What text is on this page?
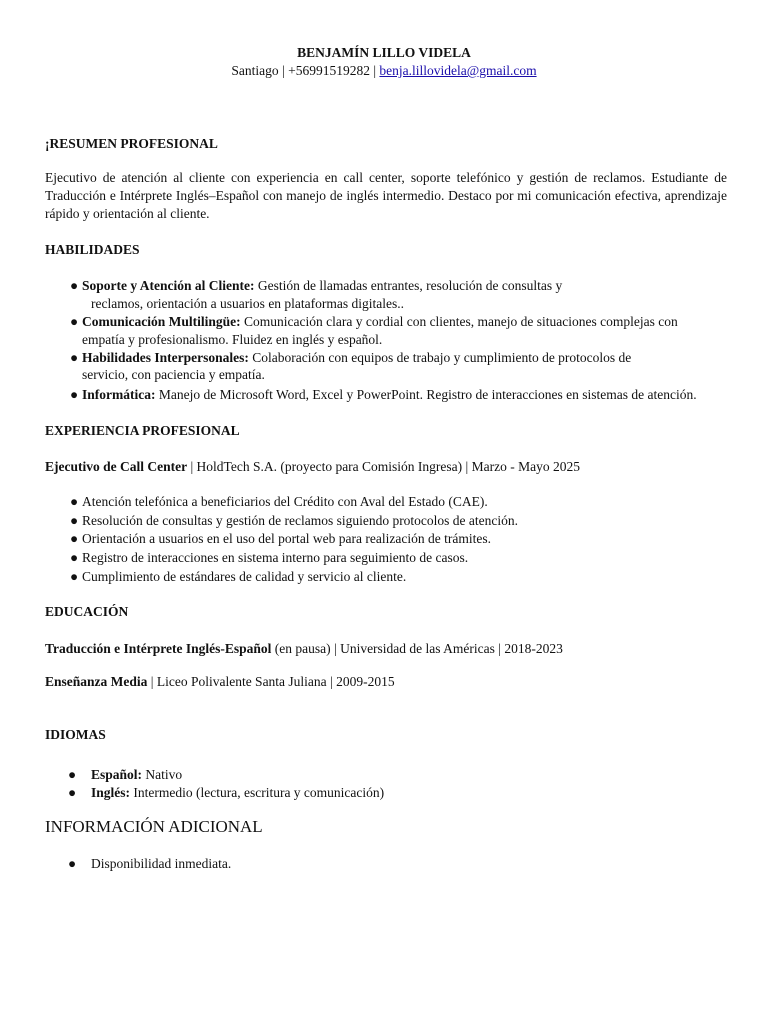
BENJAMÍN LILLO VIDELA
Santiago | +56991519282 | benja.lillovidela@gmail.com
¡RESUMEN PROFESIONAL
Ejecutivo de atención al cliente con experiencia en call center, soporte telefónico y gestión de reclamos. Estudiante de Traducción e Intérprete Inglés–Español con manejo de inglés intermedio. Destaco por mi comunicación efectiva, aprendizaje rápido y orientación al cliente.
HABILIDADES
● Soporte y Atención al Cliente: Gestión de llamadas entrantes, resolución de consultas y
reclamos, orientación a usuarios en plataformas digitales..
● Comunicación Multilingüe: Comunicación clara y cordial con clientes, manejo de situaciones complejas con
empatía y profesionalismo. Fluidez en inglés y español.
● Habilidades Interpersonales: Colaboración con equipos de trabajo y cumplimiento de protocolos de
servicio, con paciencia y empatía.
● Informática: Manejo de Microsoft Word, Excel y PowerPoint. Registro de interacciones en sistemas de atención.
EXPERIENCIA PROFESIONAL
Ejecutivo de Call Center | HoldTech S.A. (proyecto para Comisión Ingresa) | Marzo - Mayo 2025
● Atención telefónica a beneficiarios del Crédito con Aval del Estado (CAE).
● Resolución de consultas y gestión de reclamos siguiendo protocolos de atención.
● Orientación a usuarios en el uso del portal web para realización de trámites.
● Registro de interacciones en sistema interno para seguimiento de casos.
● Cumplimiento de estándares de calidad y servicio al cliente.
EDUCACIÓN
Traducción e Intérprete Inglés-Español (en pausa) | Universidad de las Américas | 2018-2023
Enseñanza Media | Liceo Polivalente Santa Juliana | 2009-2015
IDIOMAS
● Español: Nativo
● Inglés: Intermedio (lectura, escritura y comunicación)
INFORMACIÓN ADICIONAL
● Disponibilidad inmediata.
